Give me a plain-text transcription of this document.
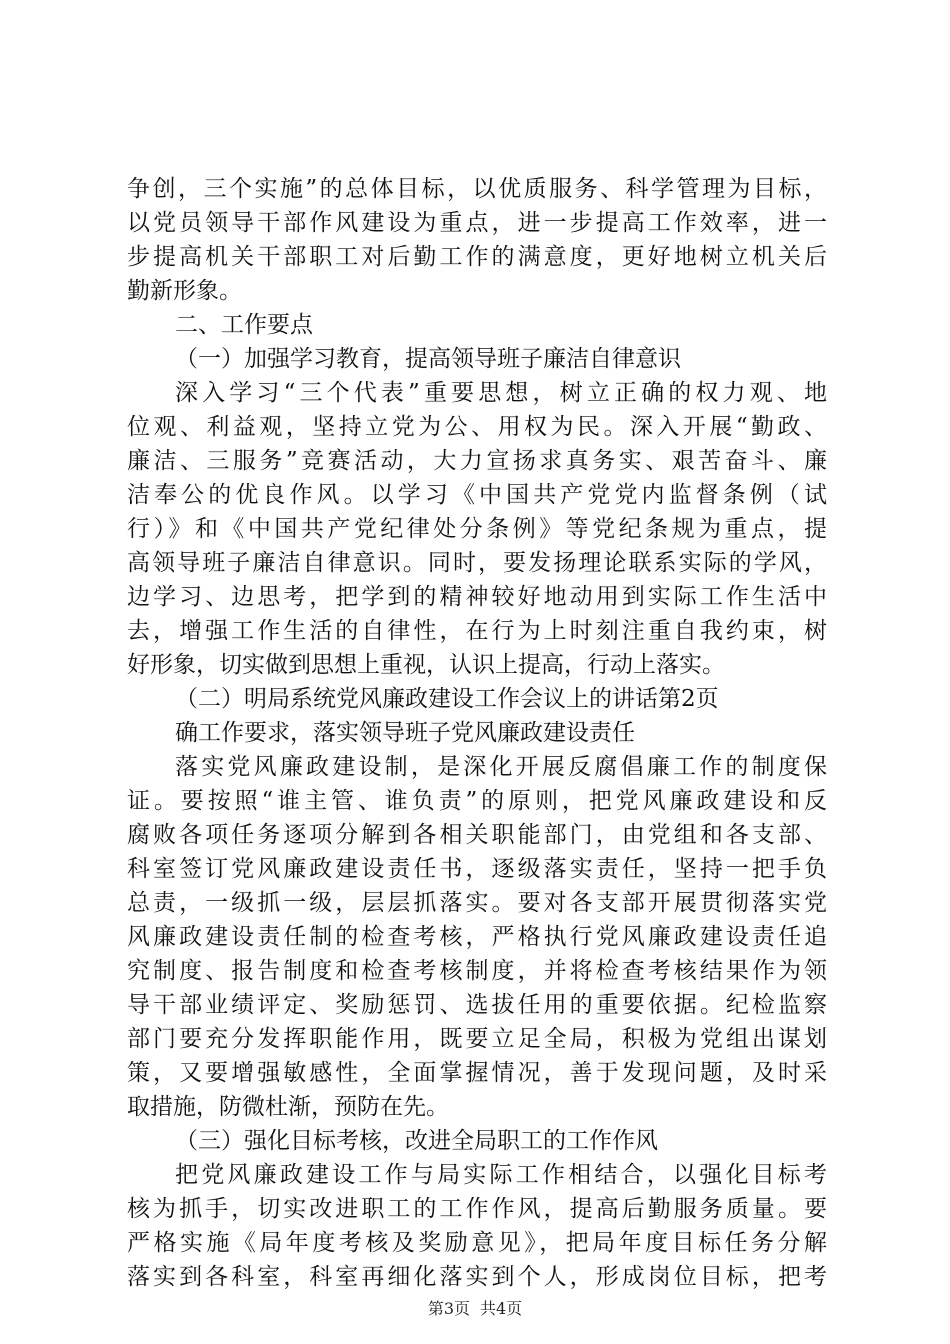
争创，三个实施”的总体目标，以优质服务、科学管理为目标，
以党员领导干部作风建设为重点，进一步提高工作效率，进一
步提高机关干部职工对后勤工作的满意度，更好地树立机关后
勤新形象。
二、工作要点
（一）加强学习教育，提高领导班子廉洁自律意识
深入学习“三个代表”重要思想，树立正确的权力观、地
位观、利益观，坚持立党为公、用权为民。深入开展“勤政、
廉洁、三服务”竞赛活动，大力宣扬求真务实、艰苦奋斗、廉
洁奉公的优良作风。以学习《中国共产党党内监督条例（试
行）》和《中国共产党纪律处分条例》等党纪条规为重点，提
高领导班子廉洁自律意识。同时，要发扬理论联系实际的学风，
边学习、边思考，把学到的精神较好地动用到实际工作生活中
去，增强工作生活的自律性，在行为上时刻注重自我约束，树
好形象，切实做到思想上重视，认识上提高，行动上落实。
（二）明局系统党风廉政建设工作会议上的讲话第2页
确工作要求，落实领导班子党风廉政建设责任
落实党风廉政建设制，是深化开展反腐倡廉工作的制度保
证。要按照“谁主管、谁负责”的原则，把党风廉政建设和反
腐败各项任务逐项分解到各相关职能部门，由党组和各支部、
科室签订党风廉政建设责任书，逐级落实责任，坚持一把手负
总责，一级抓一级，层层抓落实。要对各支部开展贯彻落实党
风廉政建设责任制的检查考核，严格执行党风廉政建设责任追
究制度、报告制度和检查考核制度，并将检查考核结果作为领
导干部业绩评定、奖励惩罚、选拔任用的重要依据。纪检监察
部门要充分发挥职能作用，既要立足全局，积极为党组出谋划
策，又要增强敏感性，全面掌握情况，善于发现问题，及时采
取措施，防微杜渐，预防在先。
（三）强化目标考核，改进全局职工的工作作风
把党风廉政建设工作与局实际工作相结合，以强化目标考
核为抓手，切实改进职工的工作作风，提高后勤服务质量。要
严格实施《局年度考核及奖励意见》，把局年度目标任务分解
落实到各科室，科室再细化落实到个人，形成岗位目标，把考
第3页 共4页
